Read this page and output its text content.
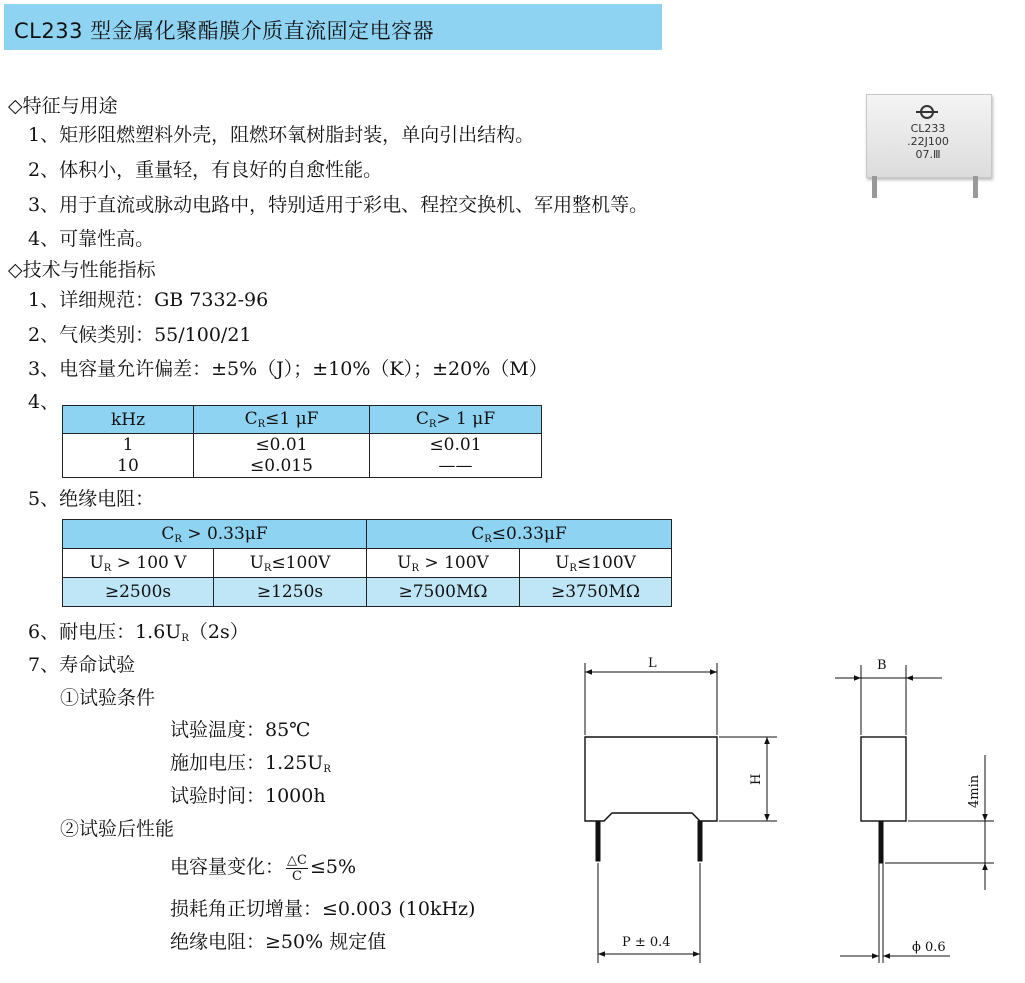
CL233 型金属化聚酯膜介质直流固定电容器
◇特征与用途
1、矩形阻燃塑料外壳，阻燃环氧树脂封装，单向引出结构。
2、体积小，重量轻，有良好的自愈性能。
3、用于直流或脉动电路中，特别适用于彩电、程控交换机、军用整机等。
4、可靠性高。
CL233
.22J100
07.Ⅲ
◇技术与性能指标
1、详细规范：GB 7332-96
2、气候类别：55/100/21
3、电容量允许偏差：±5%（J）；±10%（K）；±20%（M）
4、
kHz	$C_R\le 1$ μF	$C_R> 1$ μF
1	≤0.01	≤0.01
10	≤0.015	——
5、绝缘电阻：
$C_R > 0.33\mu F$		$C_R\le 0.33\mu F$	
$U_R > 100$ V	$U_R\le 100V$	$U_R > 100V$	$U_R\le 100V$
≥2500s	≥1250s	≥7500MΩ	≥3750MΩ
6、耐电压：$1.6U_R(2s)$
7、寿命试验
①试验条件
试验温度：85℃
施加电压：$1.25U_R$
试验时间：1000h
②试验后性能
电容量变化： $\frac{\triangle C}{C} \le 5\%$
损耗角正切增量：≤0.003 (10kHz)
绝缘电阻：≥50% 规定值
L
H
P ± 0.4
B
4min
ϕ 0.6
